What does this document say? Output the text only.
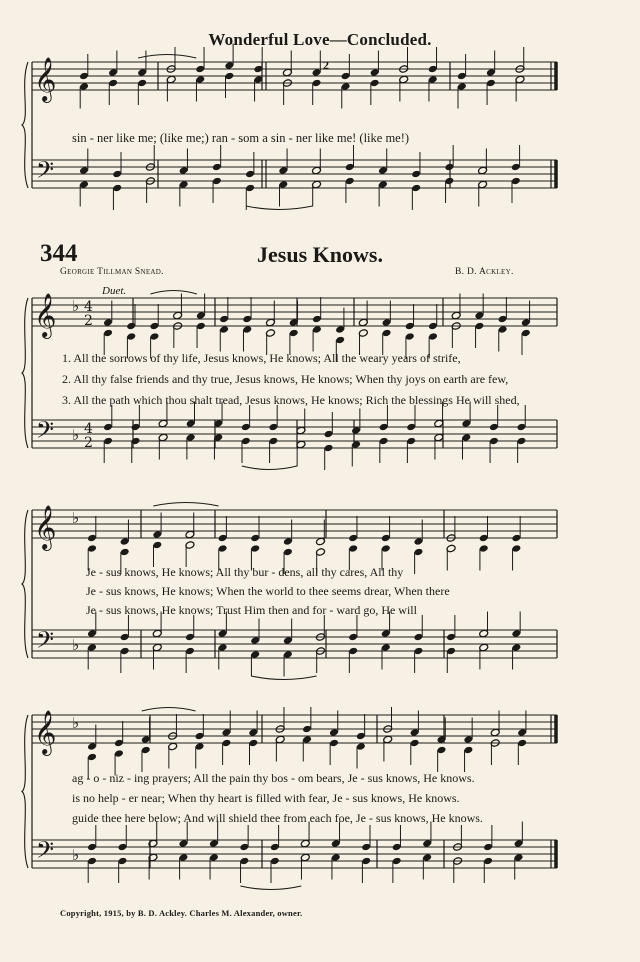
𝄞
𝄢
𝄞
𝄢
♭
♭
4
2
4
2
𝄞
𝄢
♭
♭
𝄞
𝄢
♭
♭
Wonderful Love—Concluded.
2
sin - ner like me; (like me;) ran - som a sin - ner like me! (like me!)
344	Jesus Knows.
Georgie Tillman Snead.	B. D. Ackley.
Duet.
1. All the sorrows of thy life, Jesus knows, He knows; All the weary years of strife,
2. All thy false friends and thy true, Jesus knows, He knows; When thy joys on earth are few,
3. All the path which thou shalt tread, Jesus knows, He knows; Rich the blessings He will shed,
Je - sus knows, He knows; All thy bur - dens, all thy cares, All thy
Je - sus knows, He knows; When the world to thee seems drear, When there
Je - sus knows, He knows; Trust Him then and for - ward go, He will
ag - o - niz - ing prayers; All the pain thy bos - om bears, Je - sus knows, He knows.
is no help - er near; When thy heart is filled with fear, Je - sus knows, He knows.
guide thee here below; And will shield thee from each foe, Je - sus knows, He knows.
Copyright, 1915, by B. D. Ackley. Charles M. Alexander, owner.
